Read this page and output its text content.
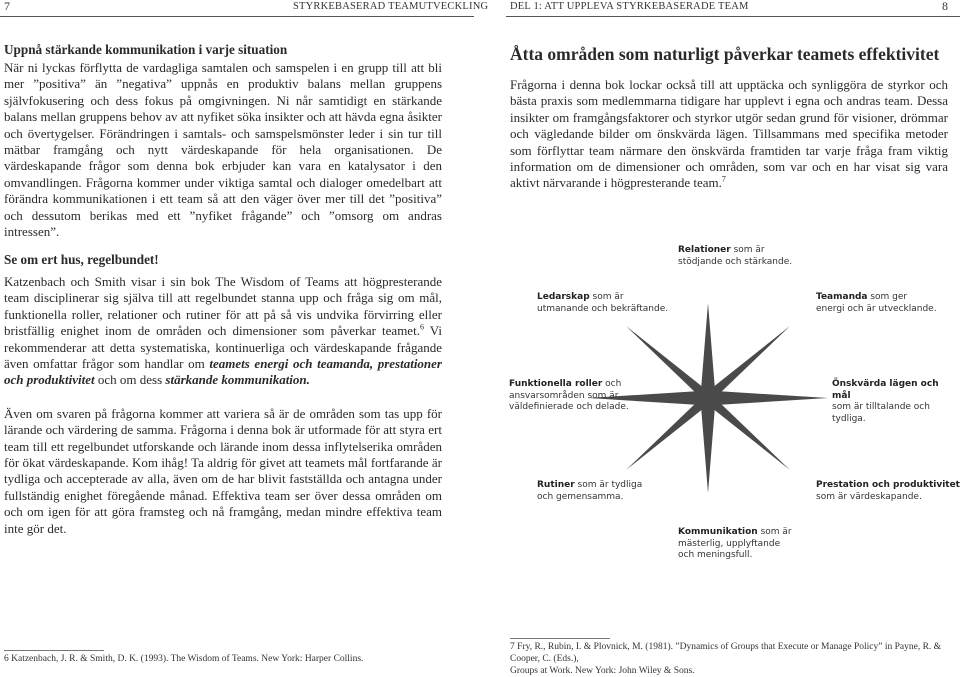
7	STYRKEBASERAD TEAMUTVECKLING DEL 1: ATT UPPLEVA STYRKEBASERADE TEAM	8
Uppnå stärkande kommunikation i varje situation

När ni lyckas förflytta de vardagliga samtalen och samspelen i en grupp till att bli mer ”positiva” än ”negativa” uppnås en produktiv balans mellan gruppens självfokusering och dess fokus på omgivningen. Ni når samtidigt en stärkande balans mellan gruppens behov av att nyfiket söka insikter och att hävda egna åsikter och övertygelser. Förändringen i samtals- och samspelsmönster leder i sin tur till mätbar framgång och nytt värdeskapande för hela organisationen. De värdeskapande frågor som denna bok erbjuder kan vara en katalysator i den omvandlingen. Frågorna kommer under viktiga samtal och dialoger omedelbart att förändra kommunikationen i ett team så att den väger över mer till det ”positiva” och dessutom berikas med ett ”nyfiket frågande” och ”omsorg om andras intressen”.

Se om ert hus, regelbundet!

Katzenbach och Smith visar i sin bok The Wisdom of Teams att högpresterande team disciplinerar sig själva till att regelbundet stanna upp och fråga sig om mål, funktionella roller, relationer och rutiner för att på så vis undvika förvirring eller bristfällig enighet inom de områden och dimensioner som påverkar teamet.$^6$ Vi rekommenderar att detta systematiska, kontinuerliga och värdeskapande frågande även omfattar frågor som handlar om teamets energi och teamanda, prestationer och produktivitet och om dess stärkande kommunikation.

Även om svaren på frågorna kommer att variera så är de områden som tas upp för lärande och värdering de samma. Frågorna i denna bok är utformade för att styra ert team till ett regelbundet utforskande och lärande inom dessa inflytelserika områden för ökat värdeskapande. Kom ihåg! Ta aldrig för givet att teamets mål fortfarande är tydliga och accepterade av alla, även om de har blivit fastställda och antagna under fullständig enighet föregående månad. Effektiva team ser över dessa områden om och om igen för att göra framsteg och nå framgång, medan mindre effektiva team inte gör det.

6 Katzenbach, J. R. & Smith, D. K. (1993). The Wisdom of Teams. New York: Harper Collins.
Åtta områden som naturligt påverkar teamets effektivitet

Frågorna i denna bok lockar också till att upptäcka och synliggöra de styrkor och bästa praxis som medlemmarna tidigare har upplevt i egna och andras team. Dessa insikter om framgångsfaktorer och styrkor utgör sedan grund för visioner, drömmar och vägledande bilder om önskvärda lägen. Tillsammans med specifika metoder som förflyttar team närmare den önskvärda framtiden tar varje fråga fram viktig information om de dimensioner och områden, som var och en har visat sig vara aktivt närvarande i högpresterande team.$^7$

Relationer som är
stödjande och stärkande.
Teamanda som ger
energi och är utvecklande.
Önskvärda lägen och mål
som är tilltalande och tydliga.
Prestation och produktivitet
som är värdeskapande.
Kommunikation som är
mästerlig, upplyftande
och meningsfull.
Rutiner som är tydliga
och gemensamma.
Funktionella roller och
ansvarsområden som är
väldefinierade och delade.
Ledarskap som är
utmanande och bekräftande.
7 Fry, R., Rubin, I. & Plovnick, M. (1981). ”Dynamics of Groups that Execute or Manage Policy” in Payne, R. & Cooper, C. (Eds.),
Groups at Work. New York: John Wiley & Sons.
